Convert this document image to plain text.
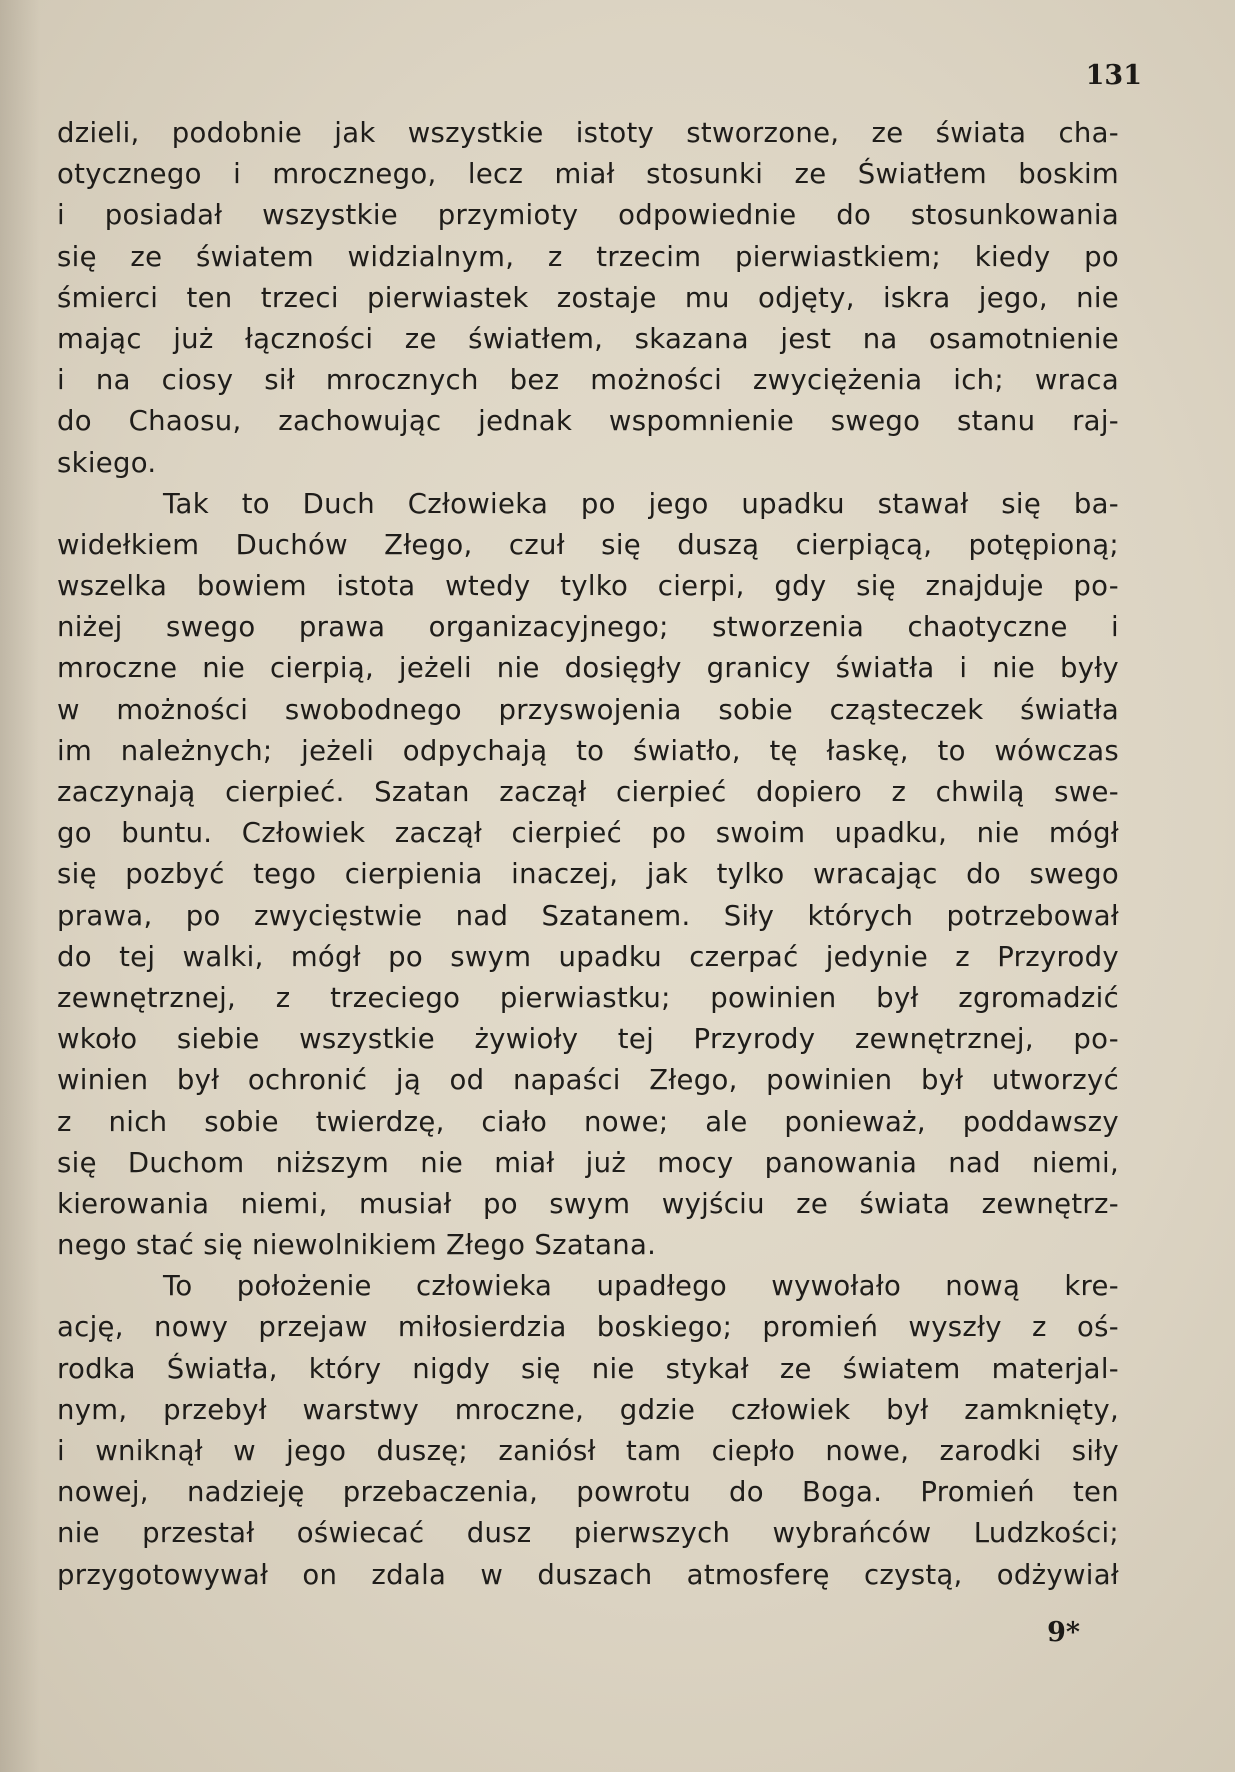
131
dzieli, podobnie jak wszystkie istoty stworzone, ze świata cha-
otycznego i mrocznego, lecz miał stosunki ze Światłem boskim
i posiadał wszystkie przymioty odpowiednie do stosunkowania
się ze światem widzialnym, z trzecim pierwiastkiem; kiedy po
śmierci ten trzeci pierwiastek zostaje mu odjęty, iskra jego, nie
mając już łączności ze światłem, skazana jest na osamotnienie
i na ciosy sił mrocznych bez możności zwyciężenia ich; wraca
do Chaosu, zachowując jednak wspomnienie swego stanu raj-
skiego.
Tak to Duch Człowieka po jego upadku stawał się ba-
widełkiem Duchów Złego, czuł się duszą cierpiącą, potępioną;
wszelka bowiem istota wtedy tylko cierpi, gdy się znajduje po-
niżej swego prawa organizacyjnego; stworzenia chaotyczne i
mroczne nie cierpią, jeżeli nie dosięgły granicy światła i nie były
w możności swobodnego przyswojenia sobie cząsteczek światła
im należnych; jeżeli odpychają to światło, tę łaskę, to wówczas
zaczynają cierpieć. Szatan zaczął cierpieć dopiero z chwilą swe-
go buntu. Człowiek zaczął cierpieć po swoim upadku, nie mógł
się pozbyć tego cierpienia inaczej, jak tylko wracając do swego
prawa, po zwycięstwie nad Szatanem. Siły których potrzebował
do tej walki, mógł po swym upadku czerpać jedynie z Przyrody
zewnętrznej, z trzeciego pierwiastku; powinien był zgromadzić
wkoło siebie wszystkie żywioły tej Przyrody zewnętrznej, po-
winien był ochronić ją od napaści Złego, powinien był utworzyć
z nich sobie twierdzę, ciało nowe; ale ponieważ, poddawszy
się Duchom niższym nie miał już mocy panowania nad niemi,
kierowania niemi, musiał po swym wyjściu ze świata zewnętrz-
nego stać się niewolnikiem Złego Szatana.
To położenie człowieka upadłego wywołało nową kre-
ację, nowy przejaw miłosierdzia boskiego; promień wyszły z oś-
rodka Światła, który nigdy się nie stykał ze światem materjal-
nym, przebył warstwy mroczne, gdzie człowiek był zamknięty,
i wniknął w jego duszę; zaniósł tam ciepło nowe, zarodki siły
nowej, nadzieję przebaczenia, powrotu do Boga. Promień ten
nie przestał oświecać dusz pierwszych wybrańców Ludzkości;
przygotowywał on zdala w duszach atmosferę czystą, odżywiał
9*
